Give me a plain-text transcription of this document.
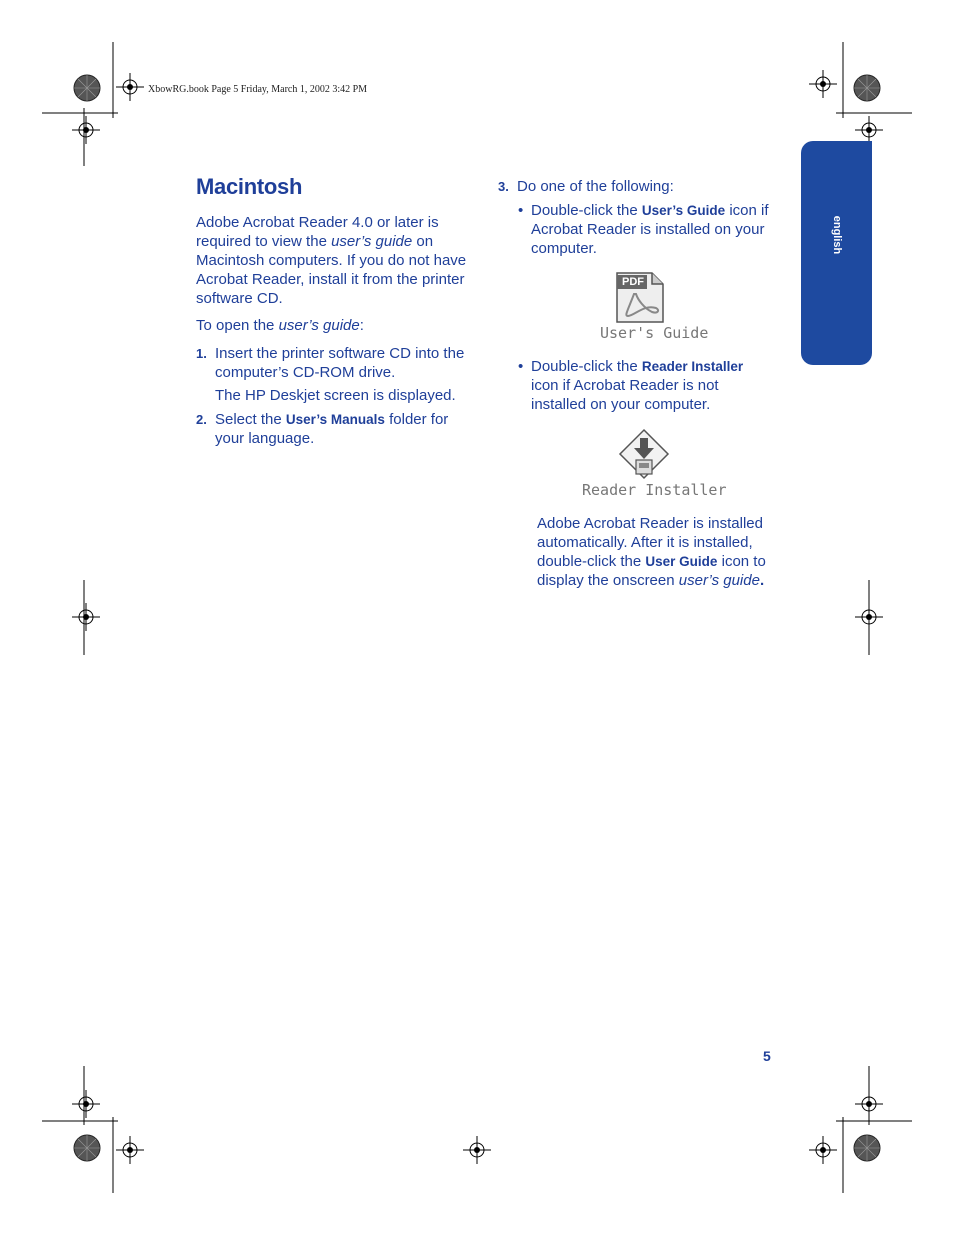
XbowRG.book Page 5 Friday, March 1, 2002 3:42 PM
english
Macintosh
Adobe Acrobat Reader 4.0 or later is required to view the user’s guide on Macintosh computers. If you do not have Acrobat Reader, install it from the printer software CD.
To open the user’s guide:
1. Insert the printer software CD into the computer’s CD-ROM drive.
The HP Deskjet screen is displayed.
2. Select the User’s Manuals folder for your language.
3. Do one of the following:
• Double-click the User’s Guide icon if Acrobat Reader is installed on your computer.
PDF
User's Guide
• Double-click the Reader Installer icon if Acrobat Reader is not installed on your computer.
Reader Installer
Adobe Acrobat Reader is installed automatically. After it is installed, double-click the User Guide icon to display the onscreen user’s guide.
5
